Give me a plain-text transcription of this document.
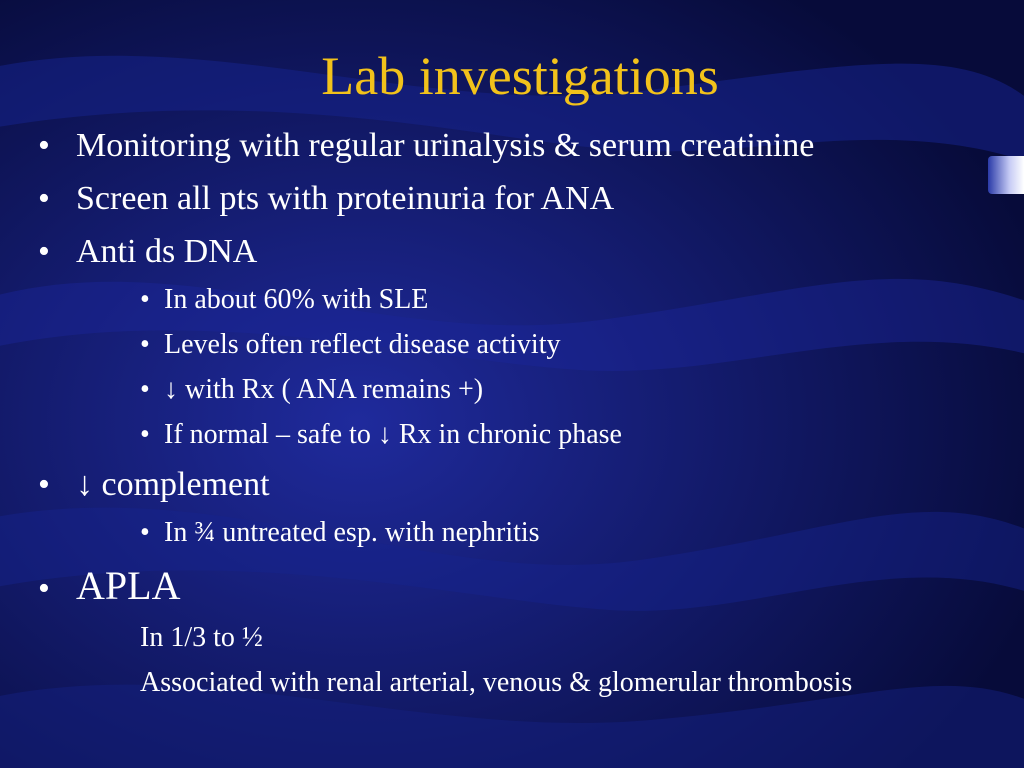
Lab investigations
• Monitoring with regular urinalysis & serum creatinine
• Screen all pts with proteinuria for ANA
• Anti ds DNA
• In about 60% with SLE
• Levels often reflect disease activity
• ↓ with Rx ( ANA remains +)
• If normal – safe to ↓ Rx in chronic phase
• ↓ complement
• In ¾ untreated esp. with nephritis
• APLA
In 1/3 to ½
Associated with renal arterial, venous & glomerular thrombosis
